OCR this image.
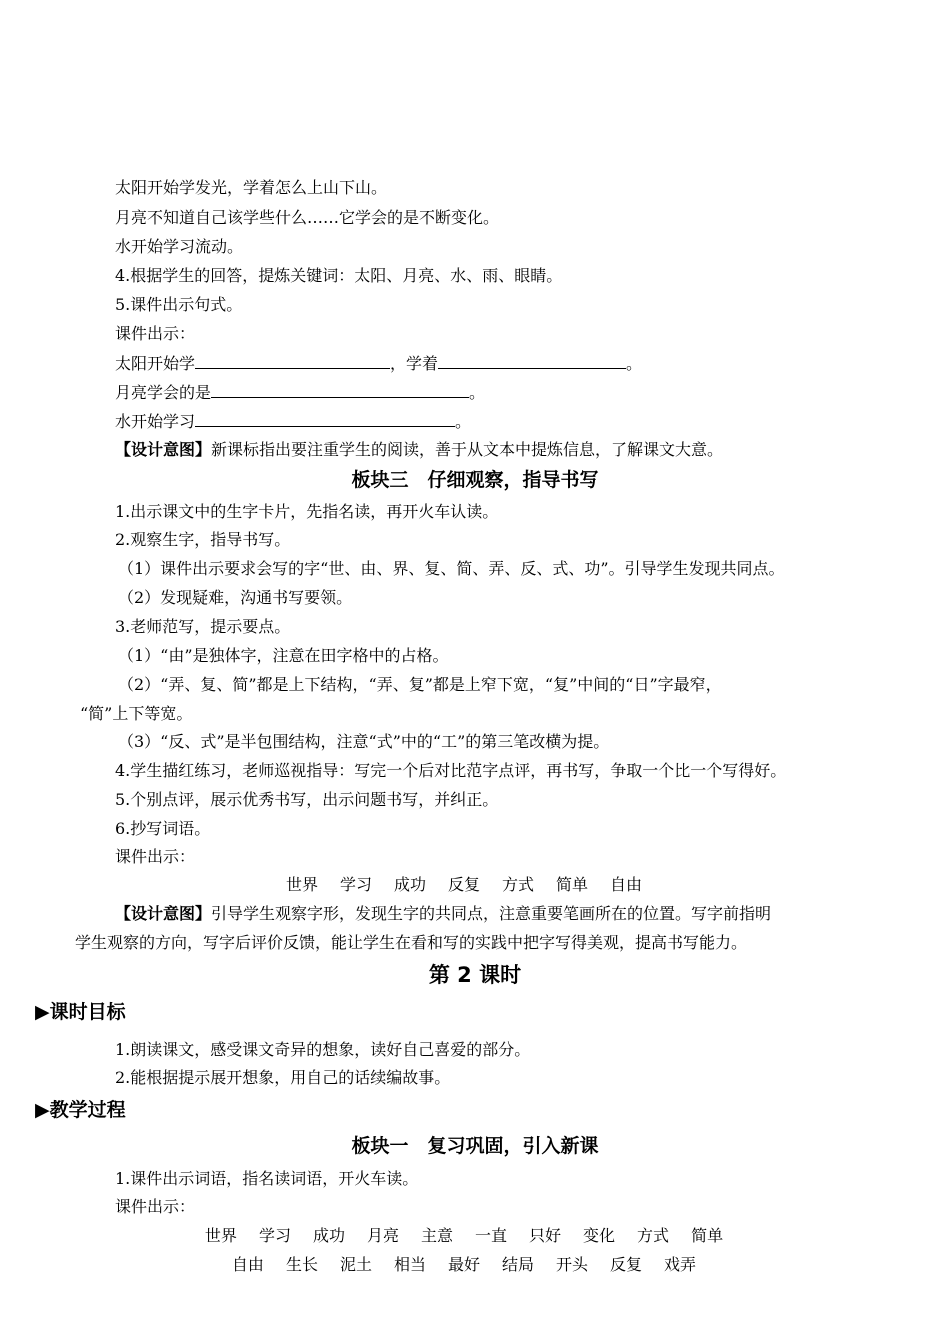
太阳开始学发光，学着怎么上山下山。
月亮不知道自己该学些什么……它学会的是不断变化。
水开始学习流动。
4.根据学生的回答，提炼关键词：太阳、月亮、水、雨、眼睛。
5.课件出示句式。
课件出示：
太阳开始学	，学着	。
月亮学会的是	。
水开始学习	。
【设计意图】新课标指出要注重学生的阅读，善于从文本中提炼信息，了解课文大意。
板块三　仔细观察，指导书写
1.出示课文中的生字卡片，先指名读，再开火车认读。
2.观察生字，指导书写。
（1）课件出示要求会写的字“世、由、界、复、简、弄、反、式、功”。引导学生发现共同点。
（2）发现疑难，沟通书写要领。
3.老师范写，提示要点。
（1）“由”是独体字，注意在田字格中的占格。
（2）“弄、复、简”都是上下结构，“弄、复”都是上窄下宽，“复”中间的“日”字最窄，
“简”上下等宽。
（3）“反、式”是半包围结构，注意“式”中的“工”的第三笔改横为提。
4.学生描红练习，老师巡视指导：写完一个后对比范字点评，再书写，争取一个比一个写得好。
5.个别点评，展示优秀书写，出示问题书写，并纠正。
6.抄写词语。
课件出示：
世界 学习 成功 反复 方式 简单 自由
【设计意图】引导学生观察字形，发现生字的共同点，注意重要笔画所在的位置。写字前指明
学生观察的方向，写字后评价反馈，能让学生在看和写的实践中把字写得美观，提高书写能力。
第 2 课时
▶课时目标
1.朗读课文，感受课文奇异的想象，读好自己喜爱的部分。
2.能根据提示展开想象，用自己的话续编故事。
▶教学过程
板块一　复习巩固，引入新课
1.课件出示词语，指名读词语，开火车读。
课件出示：
世界 学习 成功 月亮 主意 一直 只好 变化 方式 简单
自由 生长 泥土 相当 最好 结局 开头 反复 戏弄
